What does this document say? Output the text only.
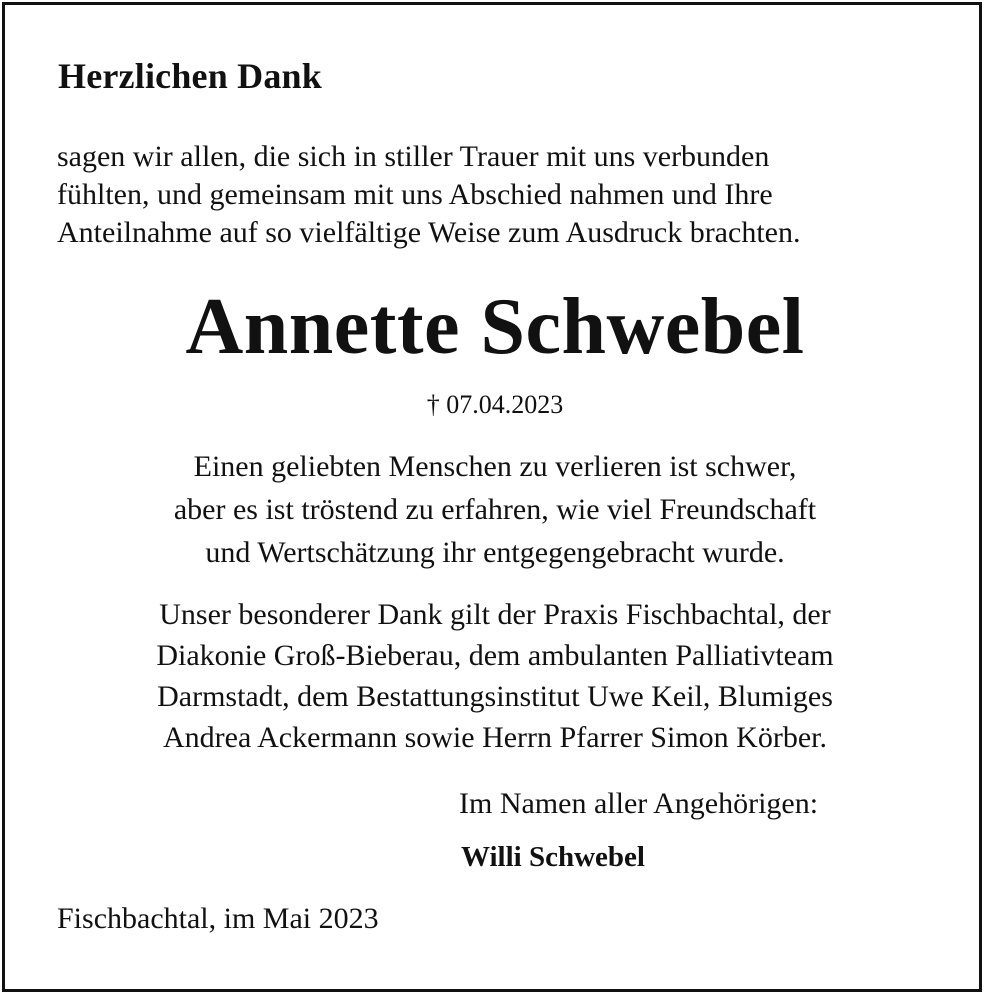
Herzlichen Dank
sagen wir allen, die sich in stiller Trauer mit uns verbunden
fühlten, und gemeinsam mit uns Abschied nahmen und Ihre
Anteilnahme auf so vielfältige Weise zum Ausdruck brachten.
Annette Schwebel
† 07.04.2023
Einen geliebten Menschen zu verlieren ist schwer,
aber es ist tröstend zu erfahren, wie viel Freundschaft
und Wertschätzung ihr entgegengebracht wurde.
Unser besonderer Dank gilt der Praxis Fischbachtal, der
Diakonie Groß-Bieberau, dem ambulanten Palliativteam
Darmstadt, dem Bestattungsinstitut Uwe Keil, Blumiges
Andrea Ackermann sowie Herrn Pfarrer Simon Körber.
Im Namen aller Angehörigen:
Willi Schwebel
Fischbachtal, im Mai 2023
